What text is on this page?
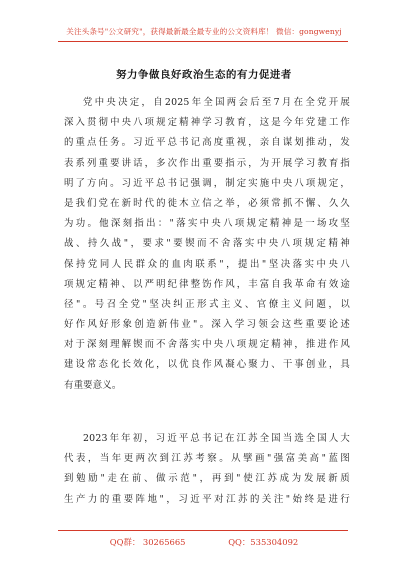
关注头条号"公文研究"，获得最新最全最专业的公文资料库！ 微信：gongwenyj
努力争做良好政治生态的有力促进者
党中央决定，自2025年全国两会后至7月在全党开展
深入贯彻中央八项规定精神学习教育，这是今年党建工作
的重点任务。习近平总书记高度重视，亲自谋划推动，发
表系列重要讲话，多次作出重要指示，为开展学习教育指
明了方向。习近平总书记强调，制定实施中央八项规定，
是我们党在新时代的徙木立信之举，必须常抓不懈、久久
为功。他深刻指出："落实中央八项规定精神是一场攻坚
战、持久战"，要求"要锲而不舍落实中央八项规定精神
保持党同人民群众的血肉联系"，提出"坚决落实中央八
项规定精神、以严明纪律整饬作风，丰富自我革命有效途
径"。号召全党"坚决纠正形式主义、官僚主义问题，以
好作风好形象创造新伟业"。深入学习领会这些重要论述
对于深刻理解锲而不舍落实中央八项规定精神，推进作风
建设常态化长效化，以优良作风凝心聚力、干事创业，具
有重要意义。
2023年年初，习近平总书记在江苏全国当选全国人大
代表，当年更两次到江苏考察。从擘画"强富美高"蓝图
到勉励"走在前、做示范"，再到"使江苏成为发展新质
生产力的重要阵地"，习近平对江苏的关注"始终是进行
QQ群： 30265665	QQ：535304092
